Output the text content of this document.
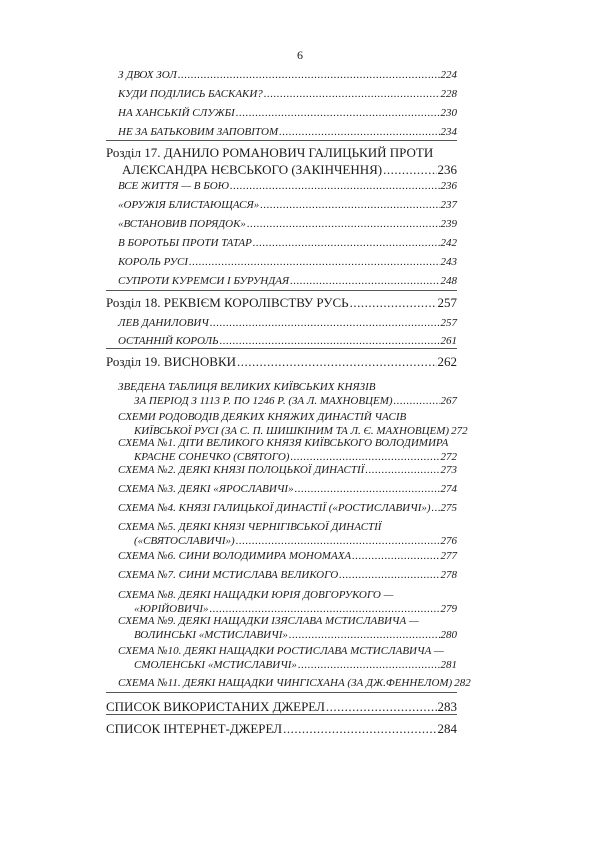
6
З ДВОХ ЗОЛ .....	224
КУДИ ПОДІЛИСЬ БАСКАКИ? .....	228
НА ХАНСЬКІЙ СЛУЖБІ .....	230
НЕ ЗА БАТЬКОВИМ ЗАПОВІТОМ .....	234
Розділ 17. ДАНИЛО РОМАНОВИЧ ГАЛИЦЬКИЙ ПРОТИ
АЛЄКСАНДРА НЄВСЬКОГО (ЗАКІНЧЕННЯ) .....	236
ВСЕ ЖИТТЯ — В БОЮ .....	236
«ОРУЖІЯ БЛИСТАЮЩАСЯ» .....	237
«ВСТАНОВИВ ПОРЯДОК» .....	239
В БОРОТЬБІ ПРОТИ ТАТАР .....	242
КОРОЛЬ РУСІ .....	243
СУПРОТИ КУРЕМСИ І БУРУНДАЯ .....	248
Розділ 18. РЕКВІЄМ КОРОЛІВСТВУ РУСЬ .....	257
ЛЕВ ДАНИЛОВИЧ .....	257
ОСТАННІЙ КОРОЛЬ .....	261
Розділ 19. ВИСНОВКИ .....	262
ЗВЕДЕНА ТАБЛИЦЯ ВЕЛИКИХ КИЇВСЬКИХ КНЯЗІВ
ЗА ПЕРІОД З 1113 Р. ПО 1246 Р. (ЗА Л. МАХНОВЦЕМ) .....	267
СХЕМИ РОДОВОДІВ ДЕЯКИХ КНЯЖИХ ДИНАСТІЙ ЧАСІВ
КИЇВСЬКОЇ РУСІ (ЗА С. П. ШИШКІНИМ ТА Л. Є. МАХНОВЦЕМ) 272
СХЕМА №1. ДІТИ ВЕЛИКОГО КНЯЗЯ КИЇВСЬКОГО ВОЛОДИМИРА
КРАСНЕ СОНЕЧКО (СВЯТОГО) .....	272
СХЕМА №2. ДЕЯКІ КНЯЗІ ПОЛОЦЬКОЇ ДИНАСТІЇ .....	273
СХЕМА №3. ДЕЯКІ «ЯРОСЛАВИЧІ» .....	274
СХЕМА №4. КНЯЗІ ГАЛИЦЬКОЇ ДИНАСТІЇ («РОСТИСЛАВИЧІ») ..... 275
СХЕМА №5. ДЕЯКІ КНЯЗІ ЧЕРНІГІВСЬКОЇ ДИНАСТІЇ
(«СВЯТОСЛАВИЧІ») .....	276
СХЕМА №6. СИНИ ВОЛОДИМИРА МОНОМАХА .....	277
СХЕМА №7. СИНИ МСТИСЛАВА ВЕЛИКОГО .....	278
СХЕМА №8. ДЕЯКІ НАЩАДКИ ЮРІЯ ДОВГОРУКОГО —
«ЮРІЙОВИЧІ» .....	279
СХЕМА №9. ДЕЯКІ НАЩАДКИ ІЗЯСЛАВА МСТИСЛАВИЧА —
ВОЛИНСЬКІ «МСТИСЛАВИЧІ» .....	280
СХЕМА №10. ДЕЯКІ НАЩАДКИ РОСТИСЛАВА МСТИСЛАВИЧА —
СМОЛЕНСЬКІ «МСТИСЛАВИЧІ» .....	281
СХЕМА №11. ДЕЯКІ НАЩАДКИ ЧИНГІСХАНА (ЗА ДЖ.ФЕННЕЛОМ) 282
СПИСОК ВИКОРИСТАНИХ ДЖЕРЕЛ .....	283
СПИСОК ІНТЕРНЕТ-ДЖЕРЕЛ .....	284
